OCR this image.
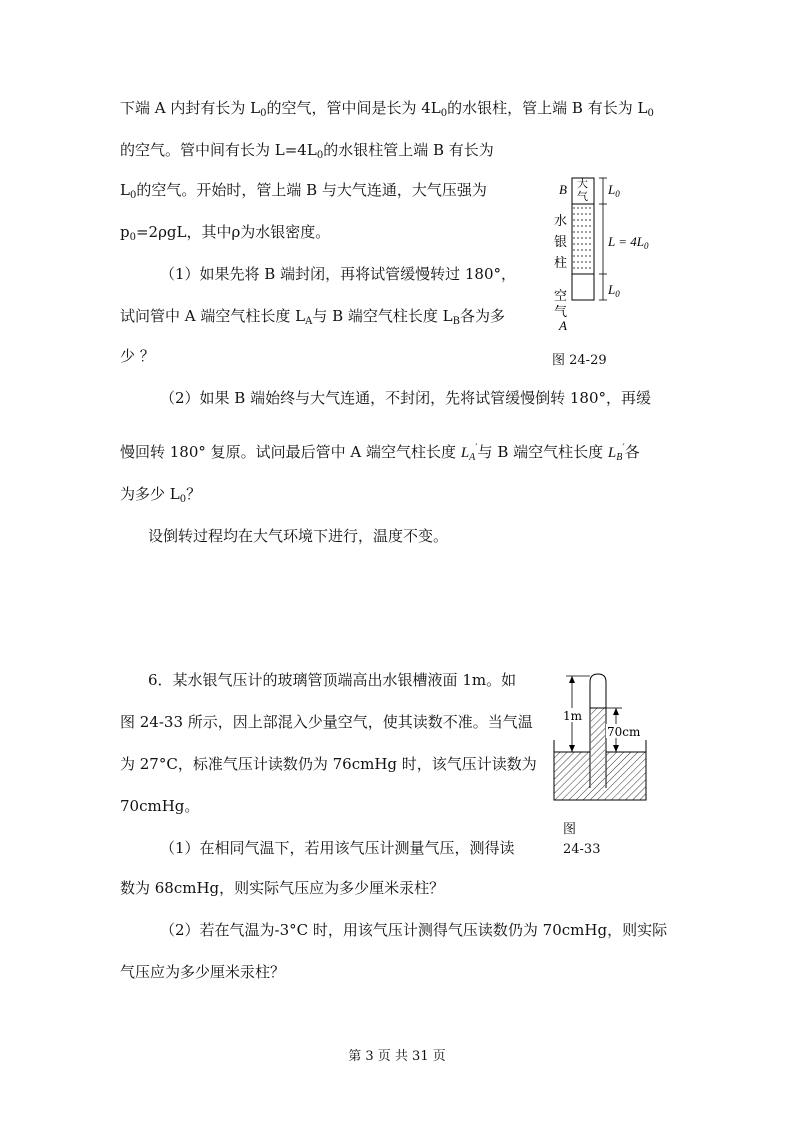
下端 A 内封有长为 $L_0$的空气，管中间是长为 $4L_0$的水银柱，管上端 B 有长为 $L_0$
的空气。管中间有长为 $L=4L_0$的水银柱管上端 B 有长为
$L_0$的空气。开始时，管上端 B 与大气连通，大气压强为
$p_0=2\rho gL$，其中ρ为水银密度。
（1）如果先将 B 端封闭，再将试管缓慢转过 180°，
试问管中 A 端空气柱长度 $L_A$与 B 端空气柱长度 $L_B$各为多
少 ？
（2）如果 B 端始终与大气连通，不封闭，先将试管缓慢倒转 180°，再缓
慢回转 180° 复原。试问最后管中 A 端空气柱长度 $L_A'$与 B 端空气柱长度 $L_B'$各
为多少 $L_0$？
设倒转过程均在大气环境下进行，温度不变。
B 大
气 $L_0$
水
银
柱
$L = 4L_0$
$L_0$
空
气
A
图 24-29
6．某水银气压计的玻璃管顶端高出水银槽液面 1m。如
图 24-33 所示，因上部混入少量空气，使其读数不准。当气温
为 27°C，标准气压计读数仍为 76cmHg 时，该气压计读数为
70cmHg。
（1）在相同气温下，若用该气压计测量气压，测得读
数为 68cmHg，则实际气压应为多少厘米汞柱？
（2）若在气温为-3°C 时，用该气压计测得气压读数仍为 70cmHg，则实际
气压应为多少厘米汞柱？
1m
70cm
图
24-33
第 3 页 共 31 页
